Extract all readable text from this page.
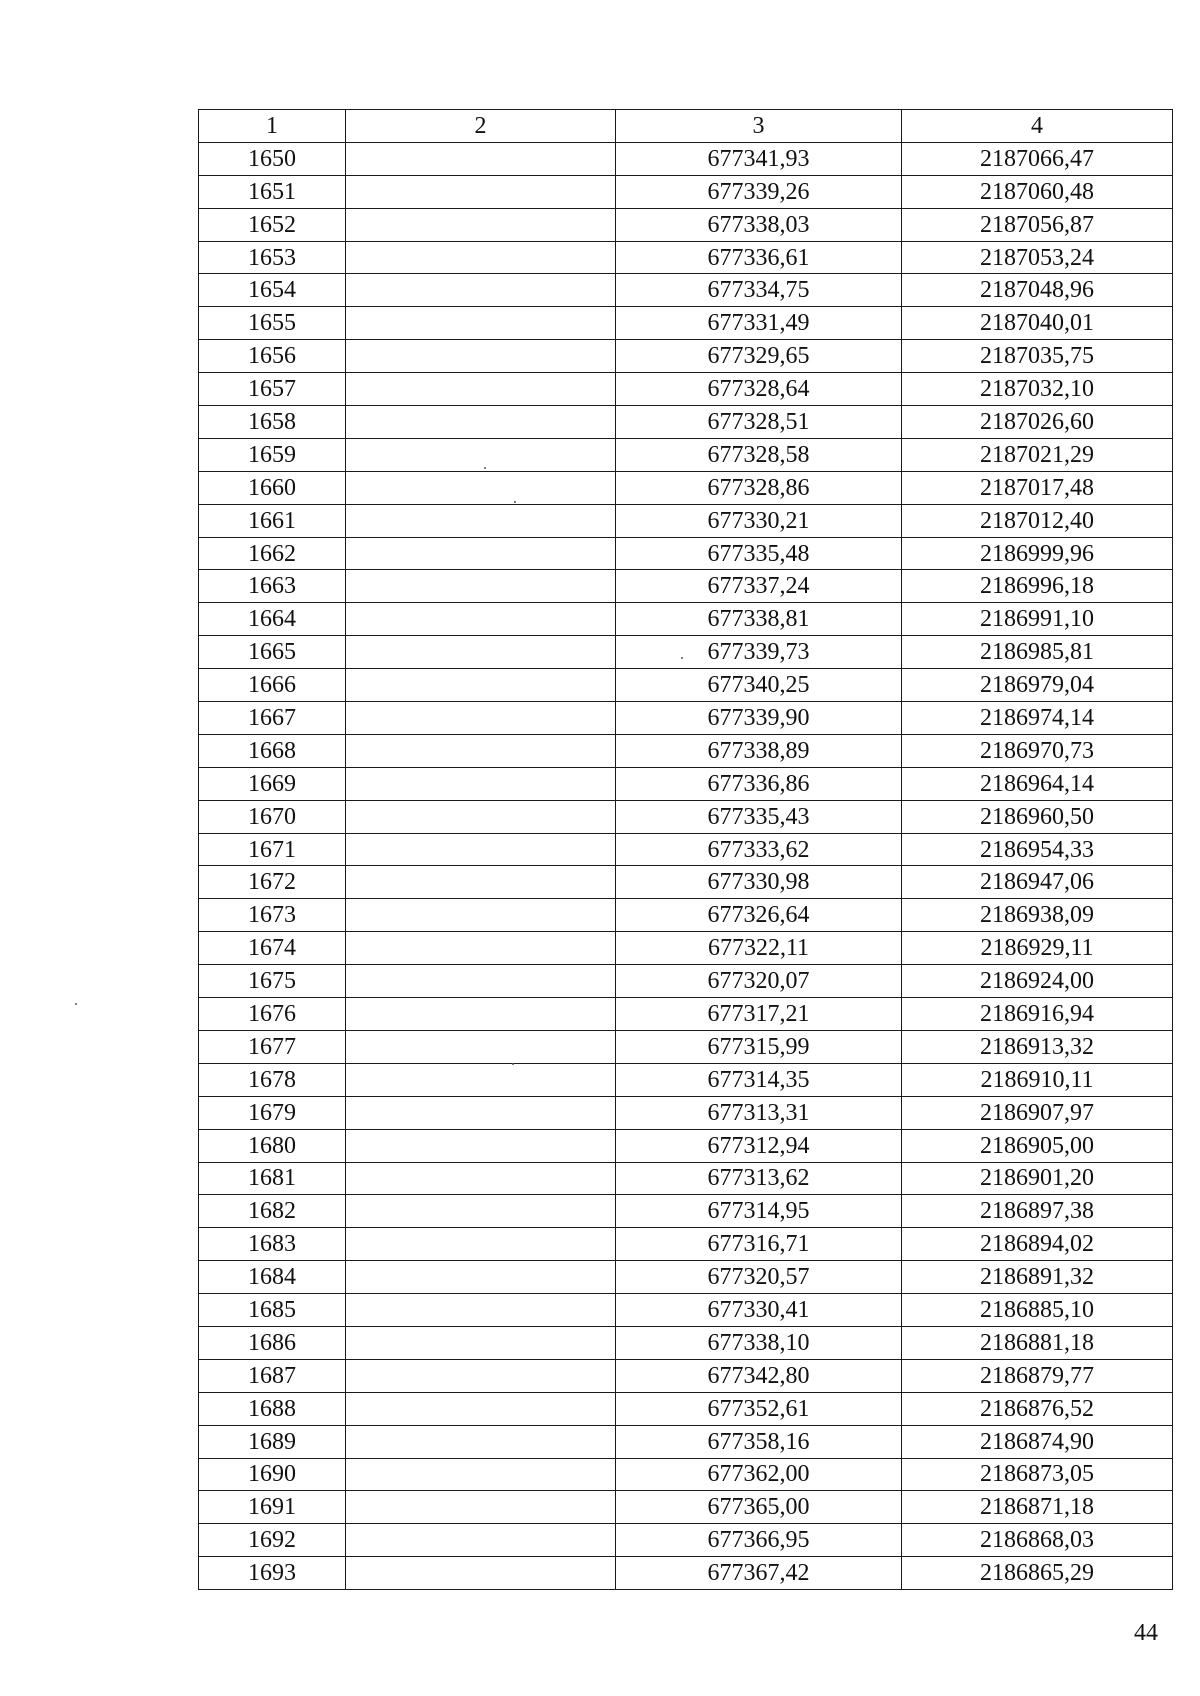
1	2	3	4
1650		677341,93	2187066,47
1651		677339,26	2187060,48
1652		677338,03	2187056,87
1653		677336,61	2187053,24
1654		677334,75	2187048,96
1655		677331,49	2187040,01
1656		677329,65	2187035,75
1657		677328,64	2187032,10
1658		677328,51	2187026,60
1659		677328,58	2187021,29
1660		677328,86	2187017,48
1661		677330,21	2187012,40
1662		677335,48	2186999,96
1663		677337,24	2186996,18
1664		677338,81	2186991,10
1665		677339,73	2186985,81
1666		677340,25	2186979,04
1667		677339,90	2186974,14
1668		677338,89	2186970,73
1669		677336,86	2186964,14
1670		677335,43	2186960,50
1671		677333,62	2186954,33
1672		677330,98	2186947,06
1673		677326,64	2186938,09
1674		677322,11	2186929,11
1675		677320,07	2186924,00
1676		677317,21	2186916,94
1677		677315,99	2186913,32
1678		677314,35	2186910,11
1679		677313,31	2186907,97
1680		677312,94	2186905,00
1681		677313,62	2186901,20
1682		677314,95	2186897,38
1683		677316,71	2186894,02
1684		677320,57	2186891,32
1685		677330,41	2186885,10
1686		677338,10	2186881,18
1687		677342,80	2186879,77
1688		677352,61	2186876,52
1689		677358,16	2186874,90
1690		677362,00	2186873,05
1691		677365,00	2186871,18
1692		677366,95	2186868,03
1693		677367,42	2186865,29
44
